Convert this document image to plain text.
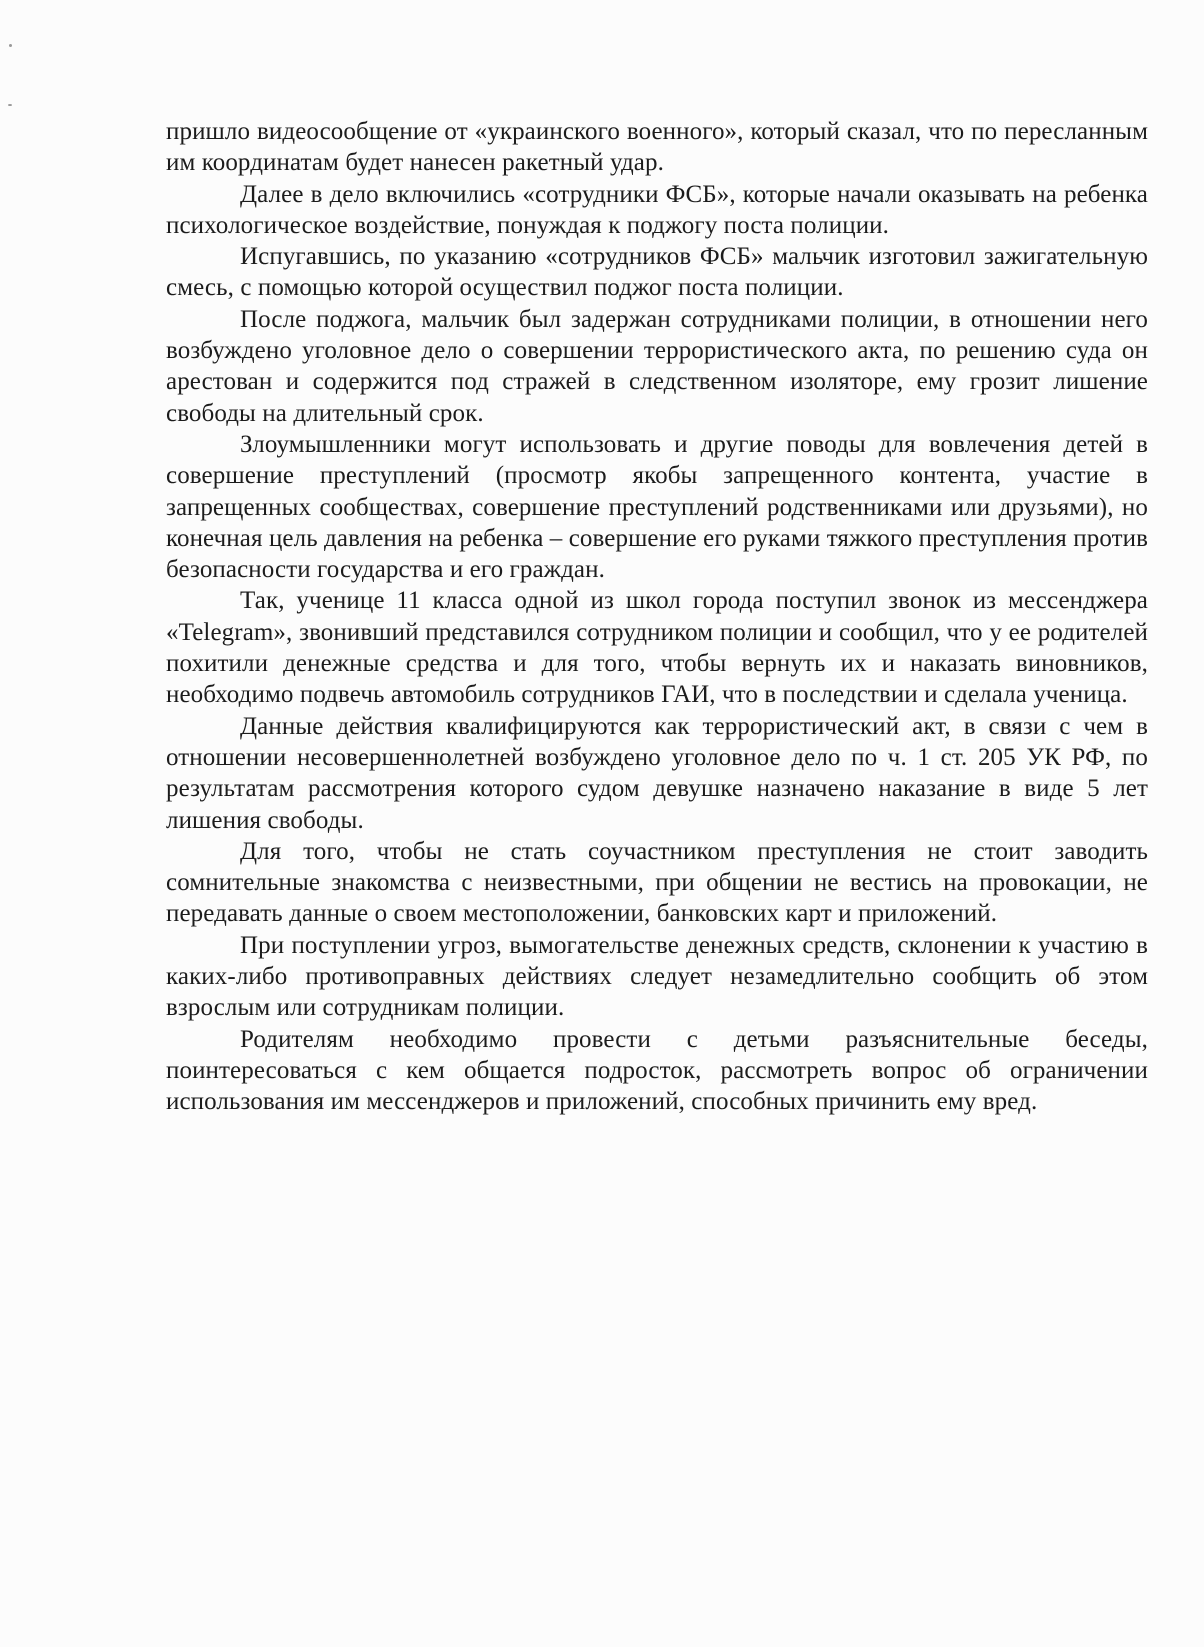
пришло видеосообщение от «украинского военного», который сказал, что по пересланным им координатам будет нанесен ракетный удар.

Далее в дело включились «сотрудники ФСБ», которые начали оказывать на ребенка психологическое воздействие, понуждая к поджогу поста полиции.

Испугавшись, по указанию «сотрудников ФСБ» мальчик изготовил зажигательную смесь, с помощью которой осуществил поджог поста полиции.

После поджога, мальчик был задержан сотрудниками полиции, в отношении него возбуждено уголовное дело о совершении террористического акта, по решению суда он арестован и содержится под стражей в следственном изоляторе, ему грозит лишение свободы на длительный срок.

Злоумышленники могут использовать и другие поводы для вовлечения детей в совершение преступлений (просмотр якобы запрещенного контента, участие в запрещенных сообществах, совершение преступлений родственниками или друзьями), но конечная цель давления на ребенка – совершение его руками тяжкого преступления против безопасности государства и его граждан.

Так, ученице 11 класса одной из школ города поступил звонок из мессенджера «Telegram», звонивший представился сотрудником полиции и сообщил, что у ее родителей похитили денежные средства и для того, чтобы вернуть их и наказать виновников, необходимо подвечь автомобиль сотрудников ГАИ, что в последствии и сделала ученица.

Данные действия квалифицируются как террористический акт, в связи с чем в отношении несовершеннолетней возбуждено уголовное дело по ч. 1 ст. 205 УК РФ, по результатам рассмотрения которого судом девушке назначено наказание в виде 5 лет лишения свободы.

Для того, чтобы не стать соучастником преступления не стоит заводить сомнительные знакомства с неизвестными, при общении не вестись на провокации, не передавать данные о своем местоположении, банковских карт и приложений.

При поступлении угроз, вымогательстве денежных средств, склонении к участию в каких-либо противоправных действиях следует незамедлительно сообщить об этом взрослым или сотрудникам полиции.

Родителям необходимо провести с детьми разъяснительные беседы, поинтересоваться с кем общается подросток, рассмотреть вопрос об ограничении использования им мессенджеров и приложений, способных причинить ему вред.
